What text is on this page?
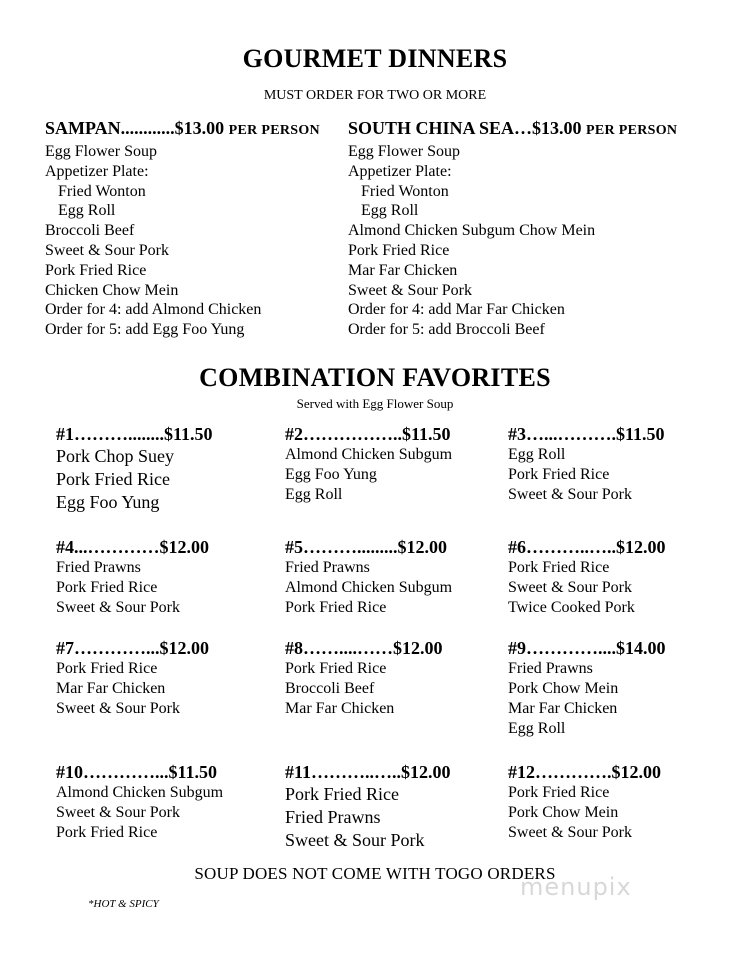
GOURMET DINNERS
MUST ORDER FOR TWO OR MORE
SAMPAN............$13.00 PER PERSON
Egg Flower Soup
Appetizer Plate:
Fried Wonton
Egg Roll
Broccoli Beef
Sweet & Sour Pork
Pork Fried Rice
Chicken Chow Mein
Order for 4: add Almond Chicken
Order for 5: add Egg Foo Yung
SOUTH CHINA SEA…$13.00 PER PERSON
Egg Flower Soup
Appetizer Plate:
Fried Wonton
Egg Roll
Almond Chicken Subgum Chow Mein
Pork Fried Rice
Mar Far Chicken
Sweet & Sour Pork
Order for 4: add Mar Far Chicken
Order for 5: add Broccoli Beef
COMBINATION FAVORITES
Served with Egg Flower Soup
#1………........$11.50
Pork Chop Suey
Pork Fried Rice
Egg Foo Yung
#2……………..$11.50
Almond Chicken Subgum
Egg Foo Yung
Egg Roll
#3…...……….$11.50
Egg Roll
Pork Fried Rice
Sweet & Sour Pork
#4...…………$12.00
Fried Prawns
Pork Fried Rice
Sweet & Sour Pork
#5……….........$12.00
Fried Prawns
Almond Chicken Subgum
Pork Fried Rice
#6………..…..$12.00
Pork Fried Rice
Sweet & Sour Pork
Twice Cooked Pork
#7…………...$12.00
Pork Fried Rice
Mar Far Chicken
Sweet & Sour Pork
#8……....……$12.00
Pork Fried Rice
Broccoli Beef
Mar Far Chicken
#9…………....$14.00
Fried Prawns
Pork Chow Mein
Mar Far Chicken
Egg Roll
#10…………...$11.50
Almond Chicken Subgum
Sweet & Sour Pork
Pork Fried Rice
#11………..…..$12.00
Pork Fried Rice
Fried Prawns
Sweet & Sour Pork
#12………….$12.00
Pork Fried Rice
Pork Chow Mein
Sweet & Sour Pork
SOUP DOES NOT COME WITH TOGO ORDERS
*HOT & SPICY
menupix
